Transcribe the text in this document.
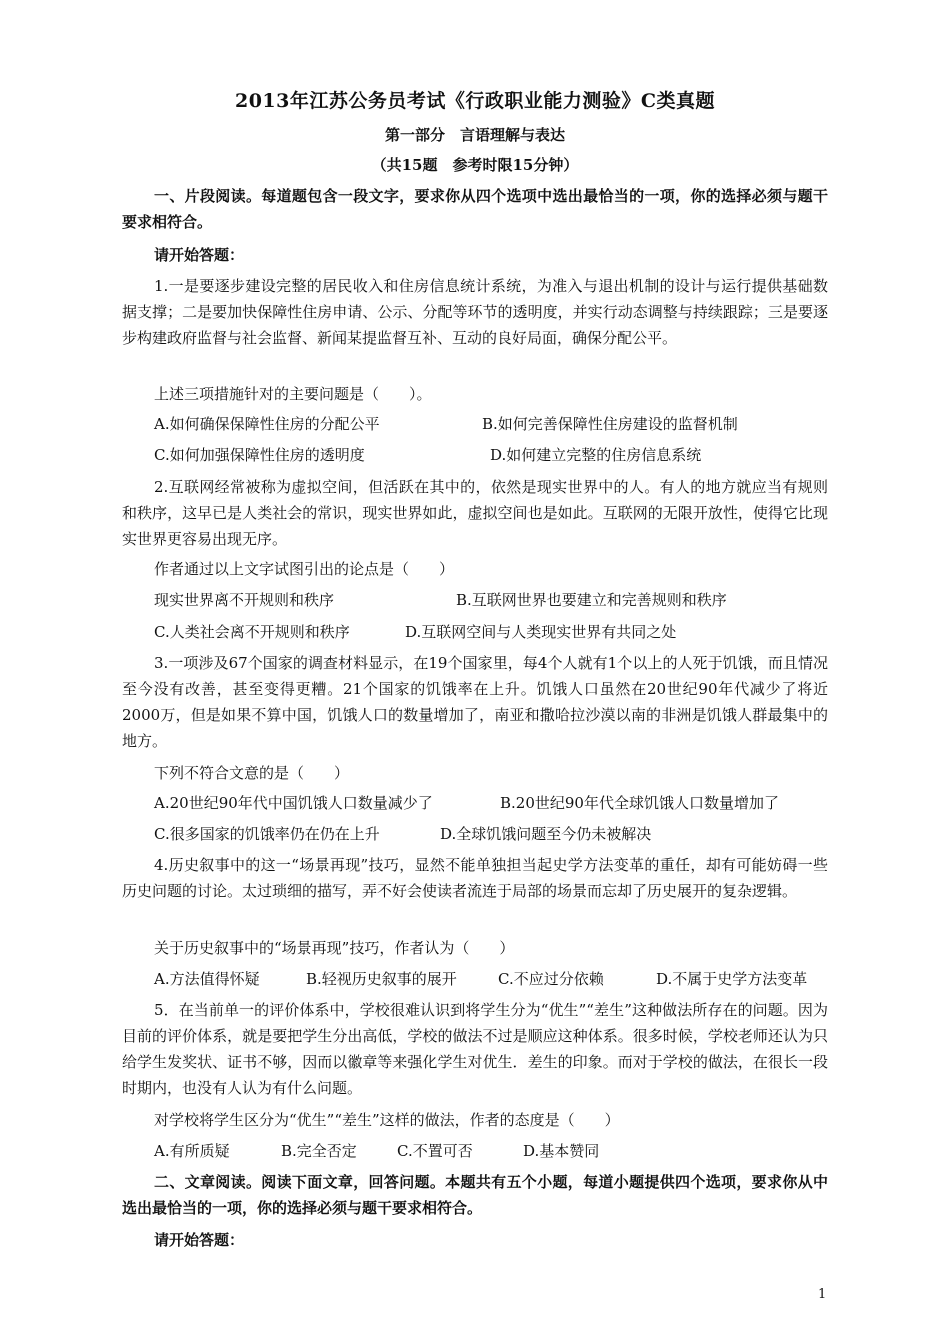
2013年江苏公务员考试《行政职业能力测验》C类真题
第一部分　言语理解与表达
（共15题　参考时限15分钟）
一、片段阅读。每道题包含一段文字，要求你从四个选项中选出最恰当的一项，你的选择必须与题干要求相符合。
请开始答题：
1.一是要逐步建设完整的居民收入和住房信息统计系统，为准入与退出机制的设计与运行提供基础数据支撑；二是要加快保障性住房申请、公示、分配等环节的透明度，并实行动态调整与持续跟踪；三是要逐步构建政府监督与社会监督、新闻某提监督互补、互动的良好局面，确保分配公平。
上述三项措施针对的主要问题是（　　）。
A.如何确保保障性住房的分配公平	B.如何完善保障性住房建设的监督机制
C.如何加强保障性住房的透明度	D.如何建立完整的住房信息系统
2.互联网经常被称为虚拟空间，但活跃在其中的，依然是现实世界中的人。有人的地方就应当有规则和秩序，这早已是人类社会的常识，现实世界如此，虚拟空间也是如此。互联网的无限开放性，使得它比现实世界更容易出现无序。
作者通过以上文字试图引出的论点是（　　）
现实世界离不开规则和秩序	B.互联网世界也要建立和完善规则和秩序
C.人类社会离不开规则和秩序	D.互联网空间与人类现实世界有共同之处
3.一项涉及67个国家的调查材料显示，在19个国家里，每4个人就有1个以上的人死于饥饿，而且情况至今没有改善，甚至变得更糟。21个国家的饥饿率在上升。饥饿人口虽然在20世纪90年代减少了将近2000万，但是如果不算中国，饥饿人口的数量增加了，南亚和撒哈拉沙漠以南的非洲是饥饿人群最集中的地方。
下列不符合文意的是（　　）
A.20世纪90年代中国饥饿人口数量减少了	B.20世纪90年代全球饥饿人口数量增加了
C.很多国家的饥饿率仍在仍在上升	D.全球饥饿问题至今仍未被解决
4.历史叙事中的这一“场景再现”技巧，显然不能单独担当起史学方法变革的重任，却有可能妨碍一些历史问题的讨论。太过琐细的描写，弄不好会使读者流连于局部的场景而忘却了历史展开的复杂逻辑。
关于历史叙事中的“场景再现”技巧，作者认为（　　）
A.方法值得怀疑	B.轻视历史叙事的展开	C.不应过分依赖	D.不属于史学方法变革
5．在当前单一的评价体系中，学校很难认识到将学生分为“优生”“差生”这种做法所存在的问题。因为目前的评价体系，就是要把学生分出高低，学校的做法不过是顺应这种体系。很多时候，学校老师还认为只给学生发奖状、证书不够，因而以徽章等来强化学生对优生．差生的印象。而对于学校的做法，在很长一段时期内，也没有人认为有什么问题。
对学校将学生区分为“优生”“差生”这样的做法，作者的态度是（　　）
A.有所质疑	B.完全否定	C.不置可否	D.基本赞同
二、文章阅读。阅读下面文章，回答问题。本题共有五个小题，每道小题提供四个选项，要求你从中选出最恰当的一项，你的选择必须与题干要求相符合。
请开始答题：
1
